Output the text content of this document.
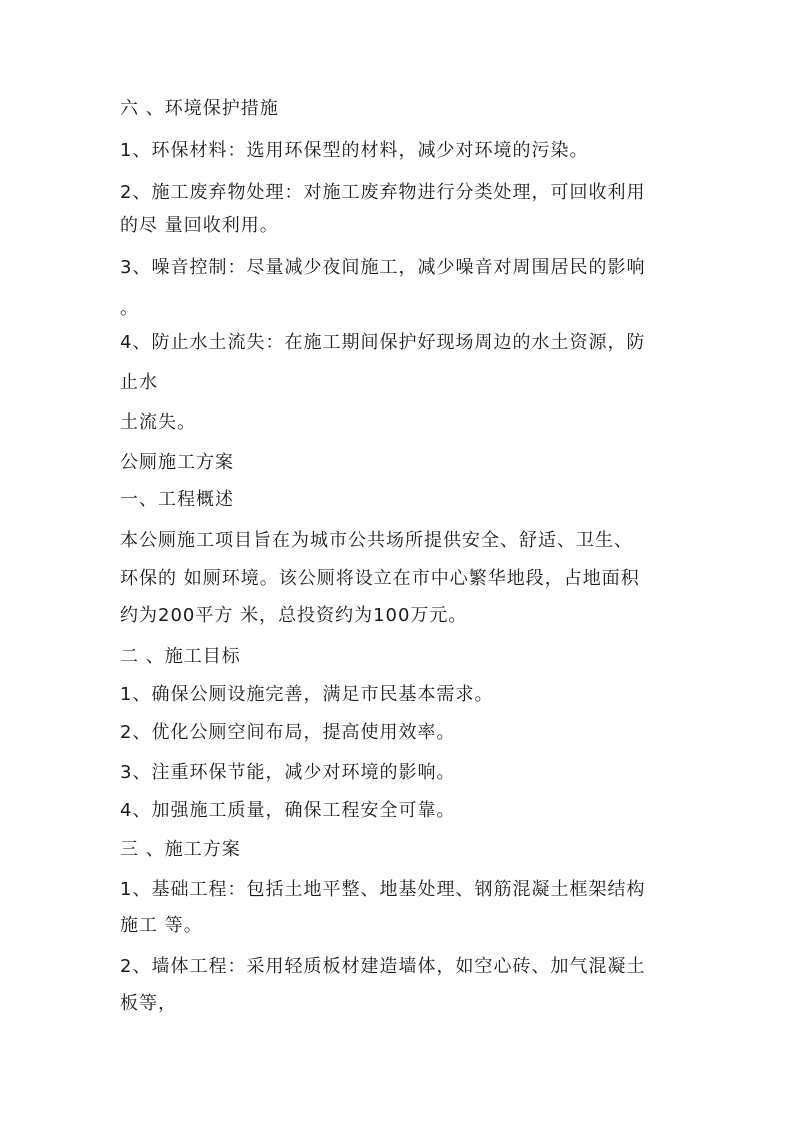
六 、环境保护措施
1、环保材料：选用环保型的材料，减少对环境的污染。
2、施工废弃物处理：对施工废弃物进行分类处理，可回收利用
的尽 量回收利用。
3、噪音控制：尽量减少夜间施工，减少噪音对周围居民的影响
。
4、防止水土流失：在施工期间保护好现场周边的水土资源，防
止水
土流失。
公厕施工方案
一、工程概述
本公厕施工项目旨在为城市公共场所提供安全、舒适、卫生、
环保的 如厕环境。该公厕将设立在市中心繁华地段，占地面积
约为200平方 米，总投资约为100万元。
二 、施工目标
1、确保公厕设施完善，满足市民基本需求。
2、优化公厕空间布局，提高使用效率。
3、注重环保节能，减少对环境的影响。
4、加强施工质量，确保工程安全可靠。
三 、施工方案
1、基础工程：包括土地平整、地基处理、钢筋混凝土框架结构
施工 等。
2、墙体工程：采用轻质板材建造墙体，如空心砖、加气混凝土
板等，
